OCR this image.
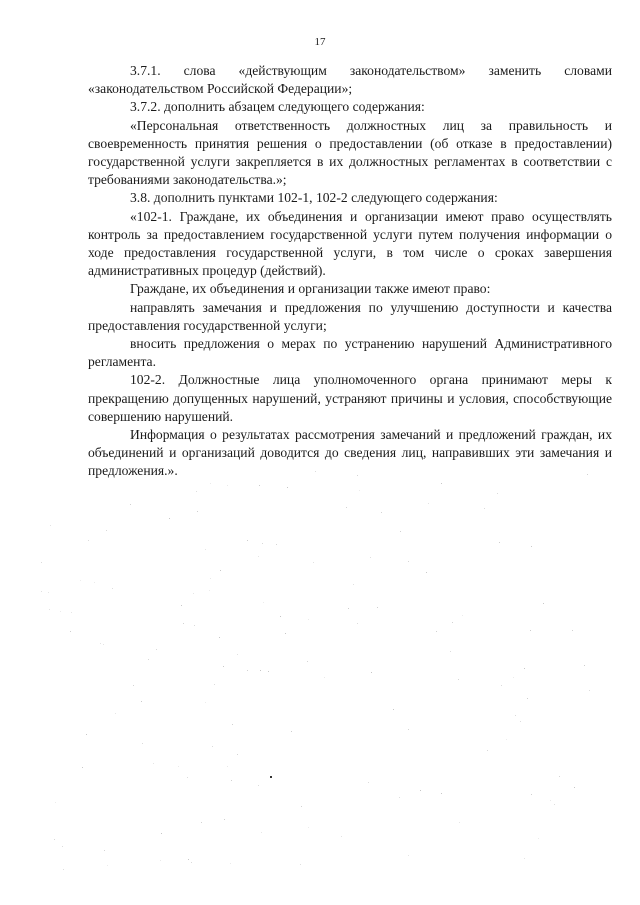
17

3.7.1. слова «действующим законодательством» заменить словами «законодательством Российской Федерации»;

3.7.2. дополнить абзацем следующего содержания:

«Персональная ответственность должностных лиц за правильность и своевременность принятия решения о предоставлении (об отказе в предоставлении) государственной услуги закрепляется в их должностных регламентах в соответствии с требованиями законодательства.»;

3.8. дополнить пунктами 102-1, 102-2 следующего содержания:

«102-1. Граждане, их объединения и организации имеют право осуществлять контроль за предоставлением государственной услуги путем получения информации о ходе предоставления государственной услуги, в том числе о сроках завершения административных процедур (действий).

Граждане, их объединения и организации также имеют право:

направлять замечания и предложения по улучшению доступности и качества предоставления государственной услуги;

вносить предложения о мерах по устранению нарушений Административного регламента.

102-2. Должностные лица уполномоченного органа принимают меры к прекращению допущенных нарушений, устраняют причины и условия, способствующие совершению нарушений.

Информация о результатах рассмотрения замечаний и предложений граждан, их объединений и организаций доводится до сведения лиц, направивших эти замечания и предложения.».
